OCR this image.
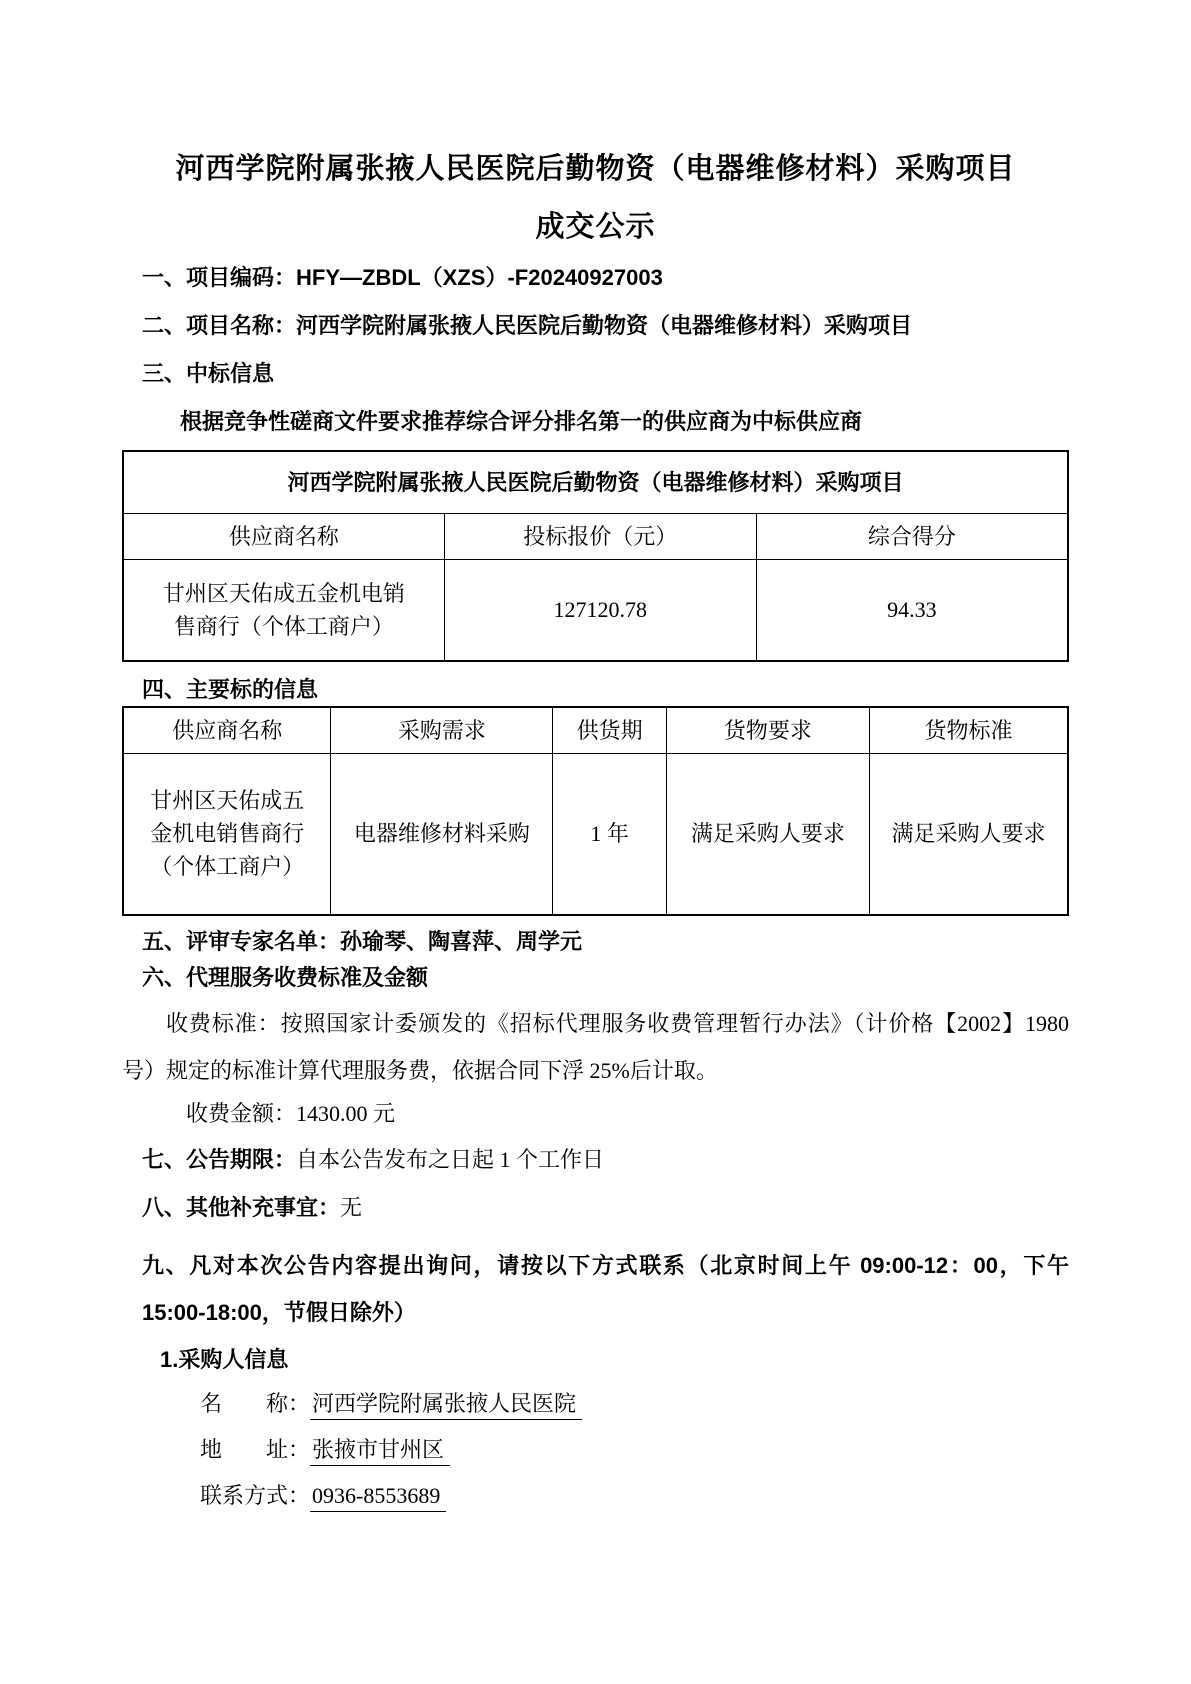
河西学院附属张掖人民医院后勤物资（电器维修材料）采购项目
成交公示
一、项目编码：HFY—ZBDL（XZS）-F20240927003
二、项目名称：河西学院附属张掖人民医院后勤物资（电器维修材料）采购项目
三、中标信息
根据竞争性磋商文件要求推荐综合评分排名第一的供应商为中标供应商
河西学院附属张掖人民医院后勤物资（电器维修材料）采购项目		
供应商名称	投标报价（元）	综合得分
甘州区天佑成五金机电销售商行（个体工商户）	127120.78	94.33
四、主要标的信息
供应商名称	采购需求	供货期	货物要求	货物标准
甘州区天佑成五金机电销售商行（个体工商户）	电器维修材料采购	1 年	满足采购人要求	满足采购人要求
五、评审专家名单：孙瑜琴、陶喜萍、周学元
六、代理服务收费标准及金额
收费标准：按照国家计委颁发的《招标代理服务收费管理暂行办法》（计价格【2002】1980 号）规定的标准计算代理服务费，依据合同下浮 25%后计取。
收费金额：1430.00 元
七、公告期限：自本公告发布之日起 1 个工作日
八、其他补充事宜：无
九、凡对本次公告内容提出询问，请按以下方式联系（北京时间上午 09:00-12：00，下午 15:00-18:00，节假日除外）
1.采购人信息
名　　称：河西学院附属张掖人民医院
地　　址：张掖市甘州区
联系方式：0936-8553689
